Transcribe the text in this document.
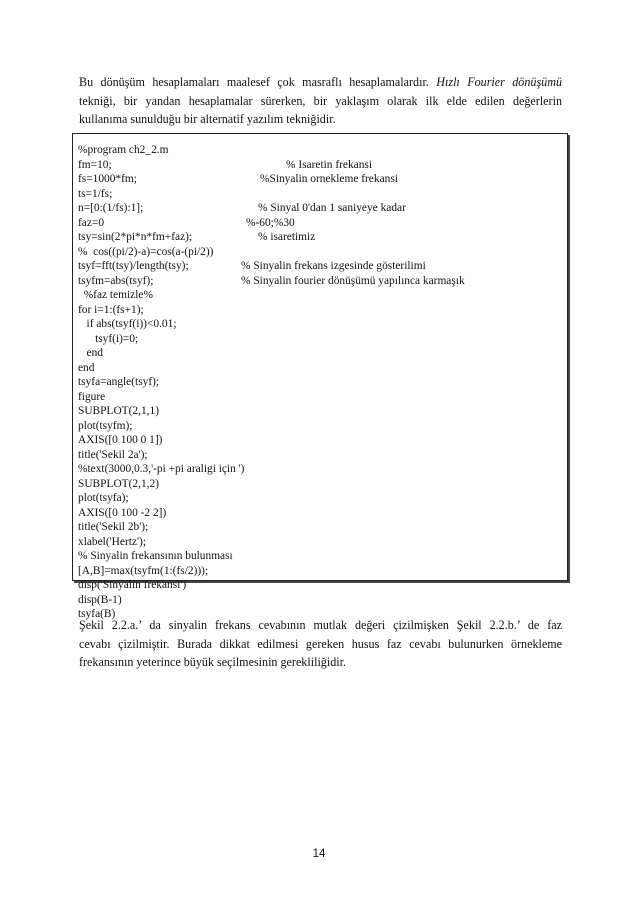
Bu dönüşüm hesaplamaları maalesef çok masraflı hesaplamalardır. Hızlı Fourier dönüşümü
tekniği, bir yandan hesaplamalar sürerken, bir yaklaşım olarak ilk elde edilen değerlerin
kullanıma sunulduğu bir alternatif yazılım tekniğidir.
%program ch2_2.m
fm=10;	% Isaretin frekansi
fs=1000*fm;	%Sinyalin ornekleme frekansi
ts=1/fs;
n=[0:(1/fs):1];	% Sinyal 0'dan 1 saniyeye kadar
faz=0	%-60;%30
tsy=sin(2*pi*n*fm+faz);	% isaretimiz
%  cos((pi/2)-a)=cos(a-(pi/2))
tsyf=fft(tsy)/length(tsy);	% Sinyalin frekans izgesinde gösterilimi
tsyfm=abs(tsyf);	% Sinyalin fourier dönüşümü yapılınca karmaşık
%faz temizle%
for i=1:(fs+1);
if abs(tsyf(i))<0.01;
tsyf(i)=0;
end
end
tsyfa=angle(tsyf);
figure
SUBPLOT(2,1,1)
plot(tsyfm);
AXIS([0 100 0 1])
title('Sekil 2a');
%text(3000,0.3,'-pi +pi araligi için ')
SUBPLOT(2,1,2)
plot(tsyfa);
AXIS([0 100 -2 2])
title('Sekil 2b');
xlabel('Hertz');
% Sinyalin frekansının bulunması
[A,B]=max(tsyfm(1:(fs/2)));
disp('Sinyalin frekansi')
disp(B-1)
tsyfa(B)
Şekil 2.2.a.’ da sinyalin frekans cevabının mutlak değeri çizilmişken Şekil 2.2.b.’ de faz
cevabı çizilmiştir. Burada dikkat edilmesi gereken husus faz cevabı bulunurken örnekleme
frekansının yeterince büyük seçilmesinin gerekliliğidir.
14
